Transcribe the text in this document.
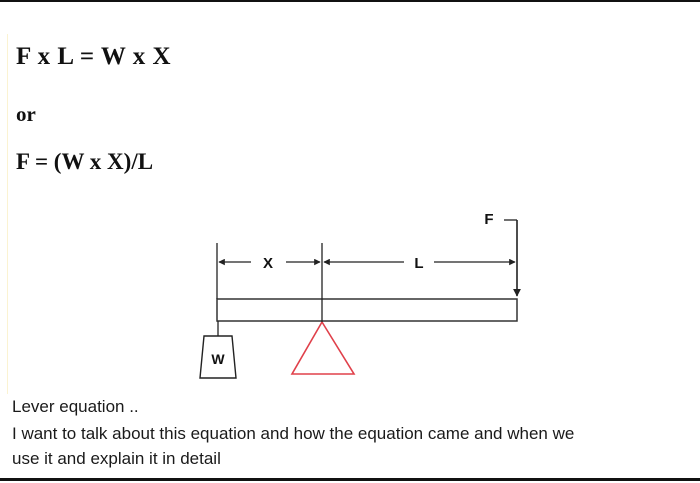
F x L = W x X
or
F = (W x X)/L
X	L
F
W
Lever equation ..
I want to talk about this equation and how the equation came and when we
use it and explain it in detail
